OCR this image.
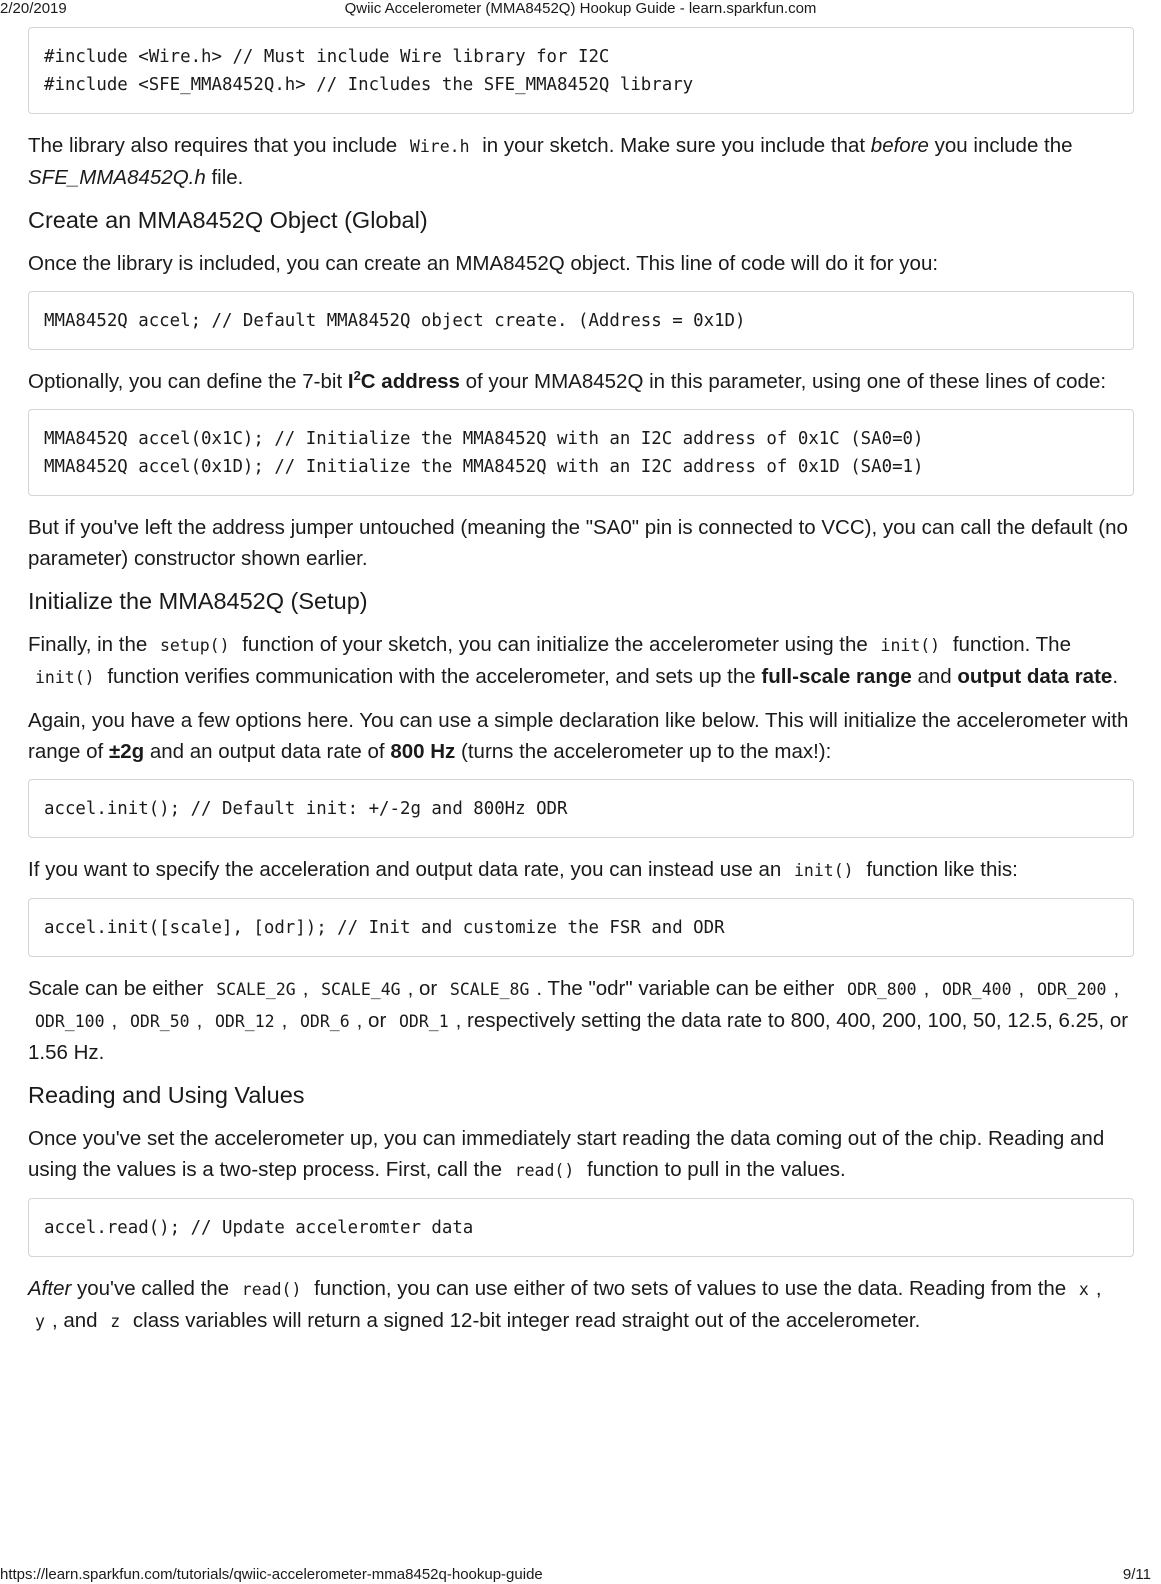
2/20/2019	Qwiic Accelerometer (MMA8452Q) Hookup Guide - learn.sparkfun.com
#include <Wire.h> // Must include Wire library for I2C
#include <SFE_MMA8452Q.h> // Includes the SFE_MMA8452Q library

The library also requires that you include Wire.h in your sketch. Make sure you include that before you include the SFE_MMA8452Q.h file.

Create an MMA8452Q Object (Global)

Once the library is included, you can create an MMA8452Q object. This line of code will do it for you:

MMA8452Q accel; // Default MMA8452Q object create. (Address = 0x1D)

Optionally, you can define the 7-bit $I^2C$ address of your MMA8452Q in this parameter, using one of these lines of code:

MMA8452Q accel(0x1C); // Initialize the MMA8452Q with an I2C address of 0x1C (SA0=0)
MMA8452Q accel(0x1D); // Initialize the MMA8452Q with an I2C address of 0x1D (SA0=1)

But if you've left the address jumper untouched (meaning the "SA0" pin is connected to VCC), you can call the default (no parameter) constructor shown earlier.

Initialize the MMA8452Q (Setup)

Finally, in the setup() function of your sketch, you can initialize the accelerometer using the init() function. The init() function verifies communication with the accelerometer, and sets up the full-scale range and output data rate.

Again, you have a few options here. You can use a simple declaration like below. This will initialize the accelerometer with range of ±2g and an output data rate of 800 Hz (turns the accelerometer up to the max!):

accel.init(); // Default init: +/-2g and 800Hz ODR

If you want to specify the acceleration and output data rate, you can instead use an init() function like this:

accel.init([scale], [odr]); // Init and customize the FSR and ODR

Scale can be either SCALE_2G , SCALE_4G , or SCALE_8G . The "odr" variable can be either ODR_800 , ODR_400 , ODR_200 , ODR_100 , ODR_50 , ODR_12 , ODR_6 , or ODR_1 , respectively setting the data rate to 800, 400, 200, 100, 50, 12.5, 6.25, or 1.56 Hz.

Reading and Using Values

Once you've set the accelerometer up, you can immediately start reading the data coming out of the chip. Reading and using the values is a two-step process. First, call the read() function to pull in the values.

accel.read(); // Update acceleromter data

After you've called the read() function, you can use either of two sets of values to use the data. Reading from the x , y , and z class variables will return a signed 12-bit integer read straight out of the accelerometer.

https://learn.sparkfun.com/tutorials/qwiic-accelerometer-mma8452q-hookup-guide	9/11
